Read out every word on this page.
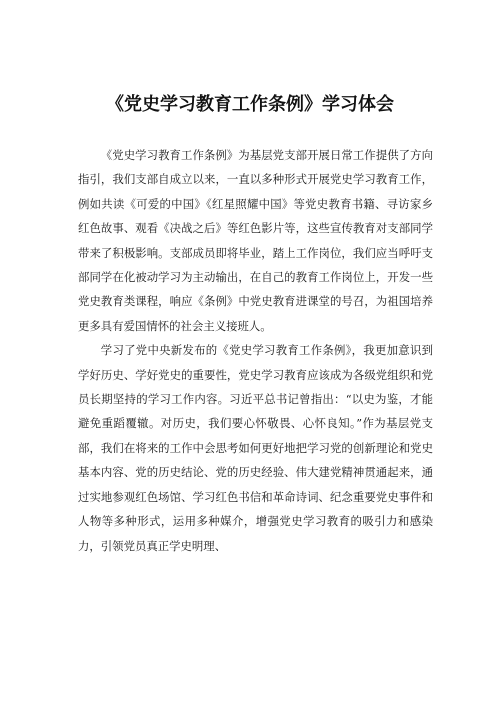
《党史学习教育工作条例》学习体会

《党史学习教育工作条例》为基层党支部开展日常工作提供了方向指引，我们支部自成立以来，一直以多种形式开展党史学习教育工作，例如共读《可爱的中国》《红星照耀中国》等党史教育书籍、寻访家乡红色故事、观看《决战之后》等红色影片等，这些宣传教育对支部同学带来了积极影响。支部成员即将毕业，踏上工作岗位，我们应当呼吁支部同学在化被动学习为主动输出，在自己的教育工作岗位上，开发一些党史教育类课程，响应《条例》中党史教育进课堂的号召，为祖国培养更多具有爱国情怀的社会主义接班人。

学习了党中央新发布的《党史学习教育工作条例》，我更加意识到学好历史、学好党史的重要性，党史学习教育应该成为各级党组织和党员长期坚持的学习工作内容。习近平总书记曾指出：“以史为鉴，才能避免重蹈覆辙。对历史，我们要心怀敬畏、心怀良知。”作为基层党支部，我们在将来的工作中会思考如何更好地把学习党的创新理论和党史基本内容、党的历史结论、党的历史经验、伟大建党精神贯通起来，通过实地参观红色场馆、学习红色书信和革命诗词、纪念重要党史事件和人物等多种形式，运用多种媒介，增强党史学习教育的吸引力和感染力，引领党员真正学史明理、
